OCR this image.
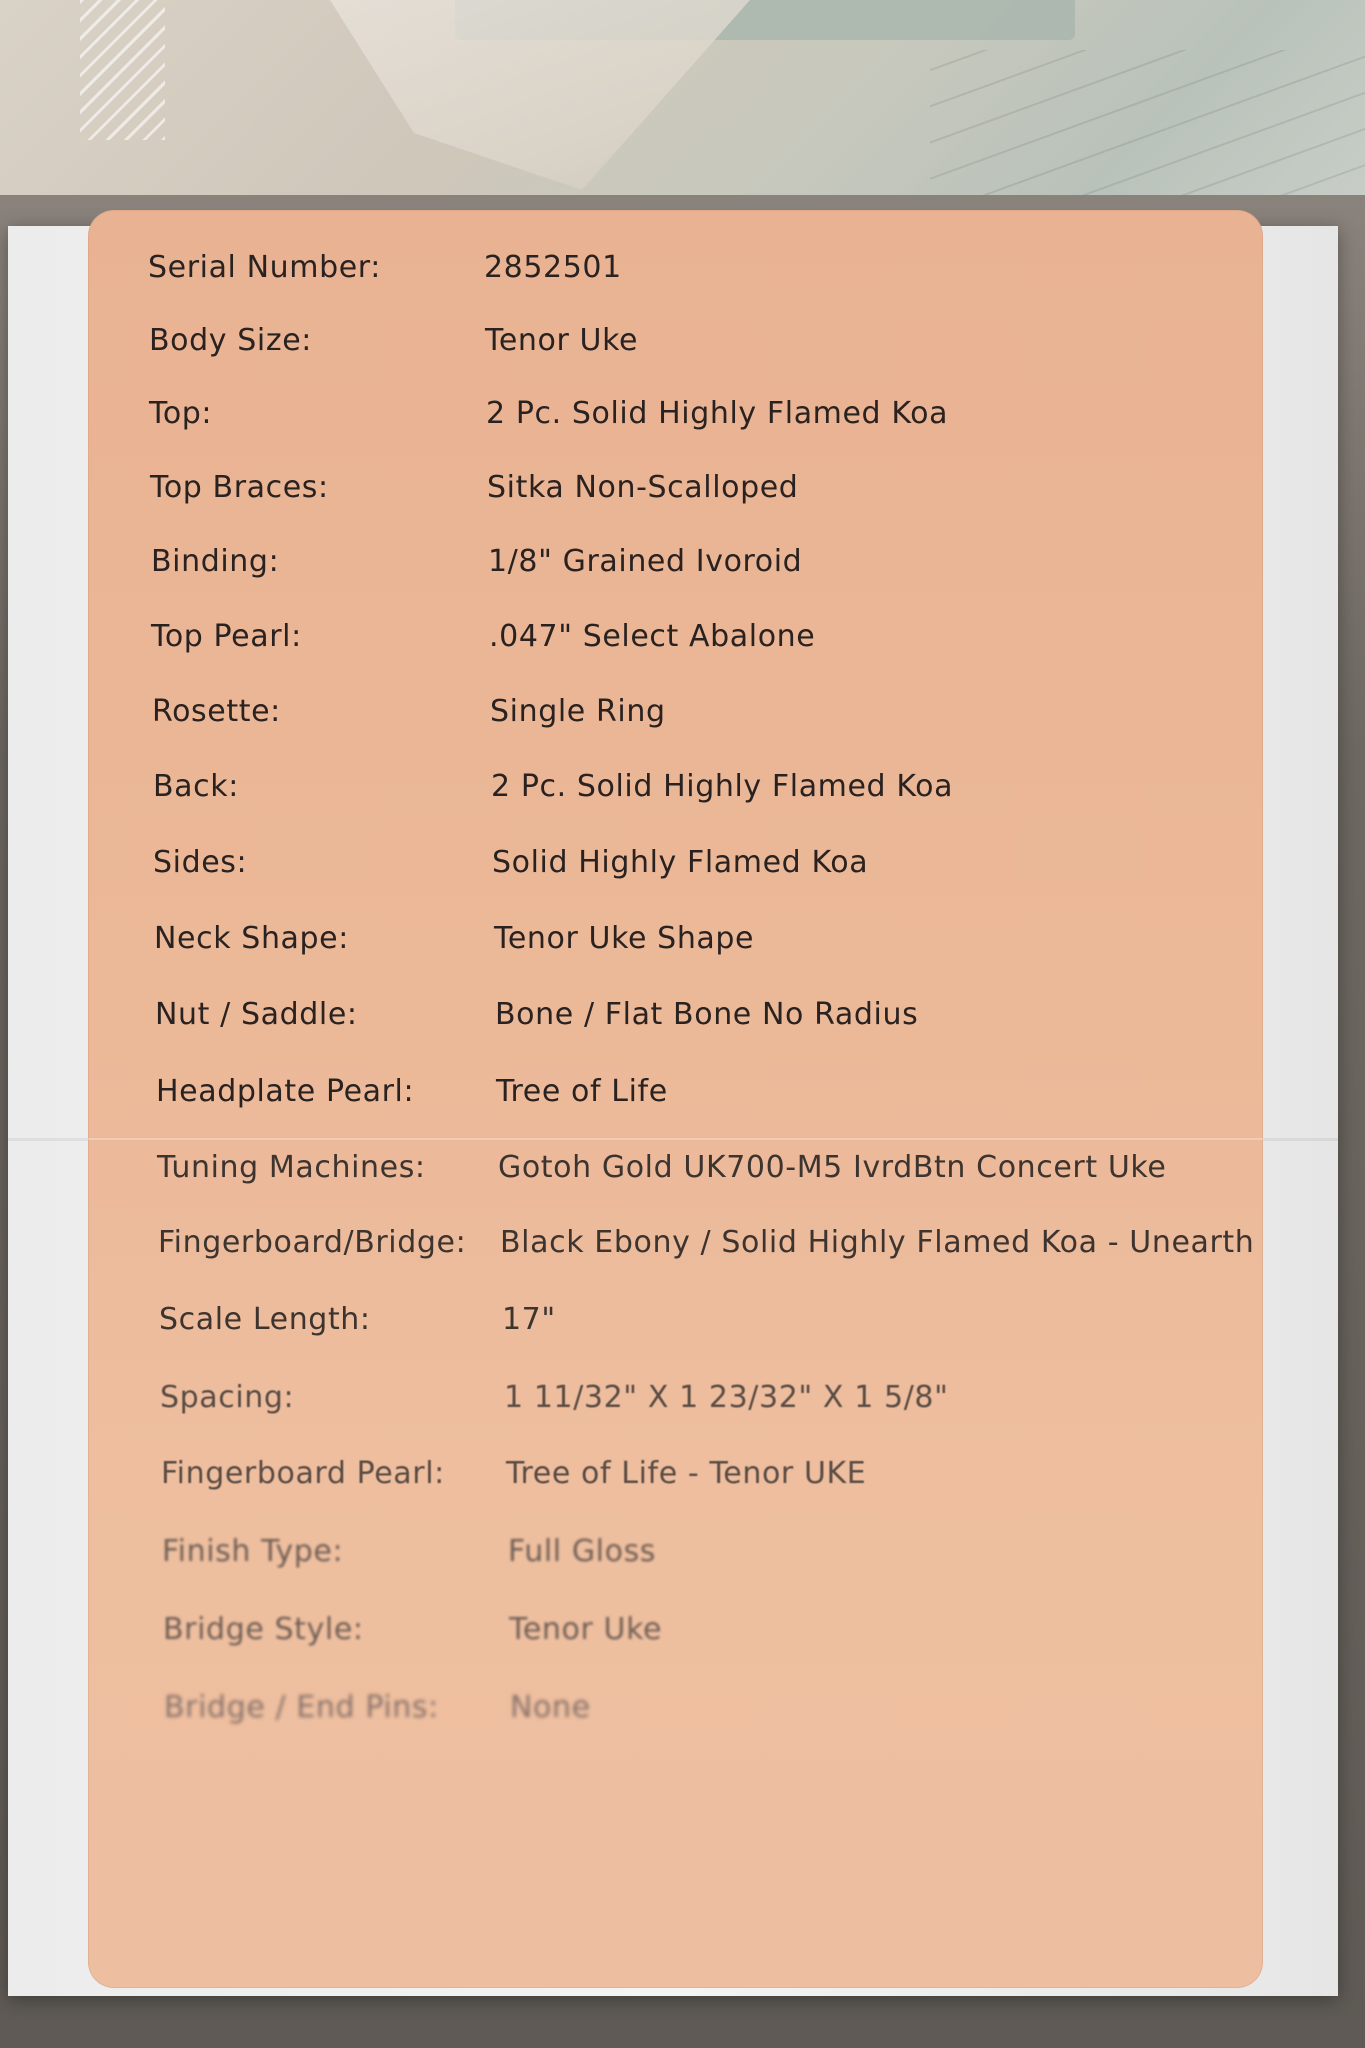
Serial Number:	2852501
Body Size:	Tenor Uke
Top:	2 Pc. Solid Highly Flamed Koa
Top Braces:	Sitka Non-Scalloped
Binding:	1/8" Grained Ivoroid
Top Pearl:	.047" Select Abalone
Rosette:	Single Ring
Back:	2 Pc. Solid Highly Flamed Koa
Sides:	Solid Highly Flamed Koa
Neck Shape:	Tenor Uke Shape
Nut / Saddle:	Bone / Flat Bone No Radius
Headplate Pearl:	Tree of Life
Tuning Machines: Gotoh Gold UK700-M5 IvrdBtn Concert Uke
Fingerboard/Bridge: Black Ebony / Solid Highly Flamed Koa - Unearth
Scale Length:	17"
Spacing:	1 11/32" X 1 23/32" X 1 5/8"
Fingerboard Pearl: Tree of Life - Tenor UKE
Finish Type:	Full Gloss
Bridge Style:	Tenor Uke
Bridge / End Pins: None
